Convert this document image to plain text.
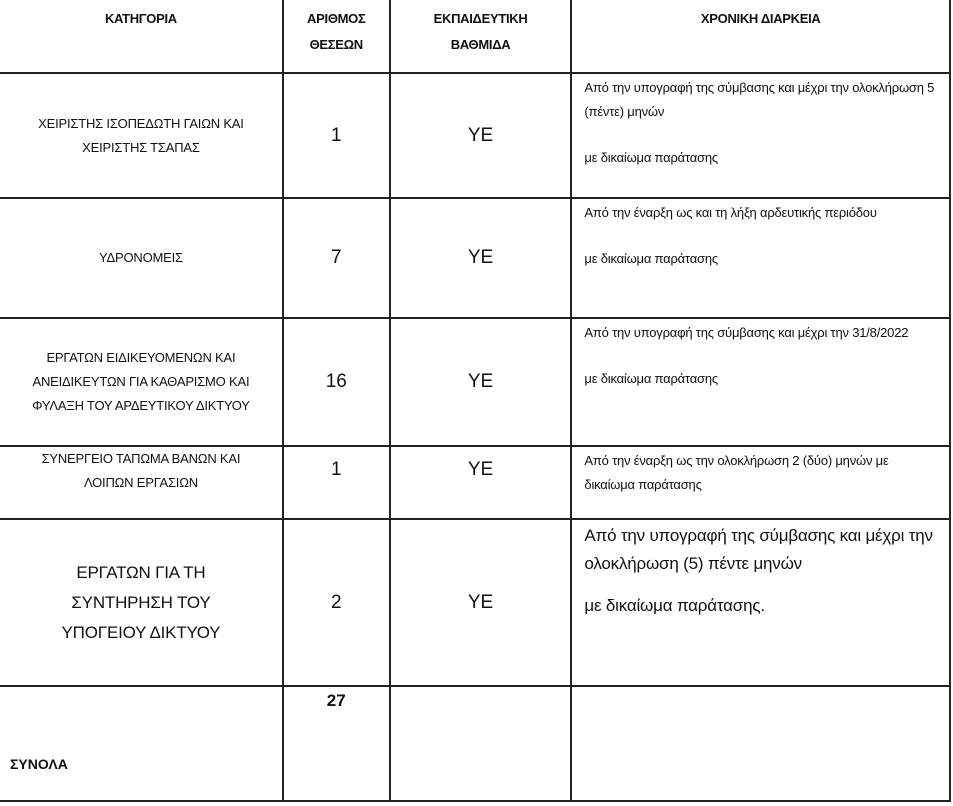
ΚΑΤΗΓΟΡΙΑ	ΑΡΙΘΜΟΣ ΘΕΣΕΩΝ	ΕΚΠΑΙΔΕΥΤΙΚΗ ΒΑΘΜΙΔΑ	ΧΡΟΝΙΚΗ ΔΙΑΡΚΕΙΑ
ΧΕΙΡΙΣΤΗΣ ΙΣΟΠΕΔΩΤΗ ΓΑΙΩΝ ΚΑΙ ΧΕΙΡΙΣΤΗΣ ΤΣΑΠΑΣ	1	ΥΕ	Από την υπογραφή της σύμβασης και μέχρι την ολοκλήρωση 5 (πέντε) μηνών

με δικαίωμα παράτασης

ΥΔΡΟΝΟΜΕΙΣ	7	ΥΕ	Από την έναρξη ως και τη λήξη αρδευτικής περιόδου

με δικαίωμα παράτασης

ΕΡΓΑΤΩΝ ΕΙΔΙΚΕΥΟΜΕΝΩΝ ΚΑΙ ΑΝΕΙΔΙΚΕΥΤΩΝ ΓΙΑ ΚΑΘΑΡΙΣΜΟ ΚΑΙ ΦΥΛΑΞΗ ΤΟΥ ΑΡΔΕΥΤΙΚΟΥ ΔΙΚΤΥΟΥ	16	ΥΕ	Από την υπογραφή της σύμβασης και μέχρι την 31/8/2022

με δικαίωμα παράτασης

ΣΥΝΕΡΓΕΙΟ ΤΑΠΩΜΑ ΒΑΝΩΝ ΚΑΙ ΛΟΙΠΩΝ ΕΡΓΑΣΙΩΝ	1	ΥΕ	Από την έναρξη ως την ολοκλήρωση 2 (δύο) μηνών με δικαίωμα παράτασης

ΕΡΓΑΤΩΝ ΓΙΑ ΤΗ ΣΥΝΤΗΡΗΣΗ ΤΟΥ ΥΠΟΓΕΙΟΥ ΔΙΚΤΥΟΥ	2	ΥΕ	Από την υπογραφή της σύμβασης και μέχρι την ολοκλήρωση (5) πέντε μηνών

με δικαίωμα παράτασης.

ΣΥΝΟΛΑ	27		
